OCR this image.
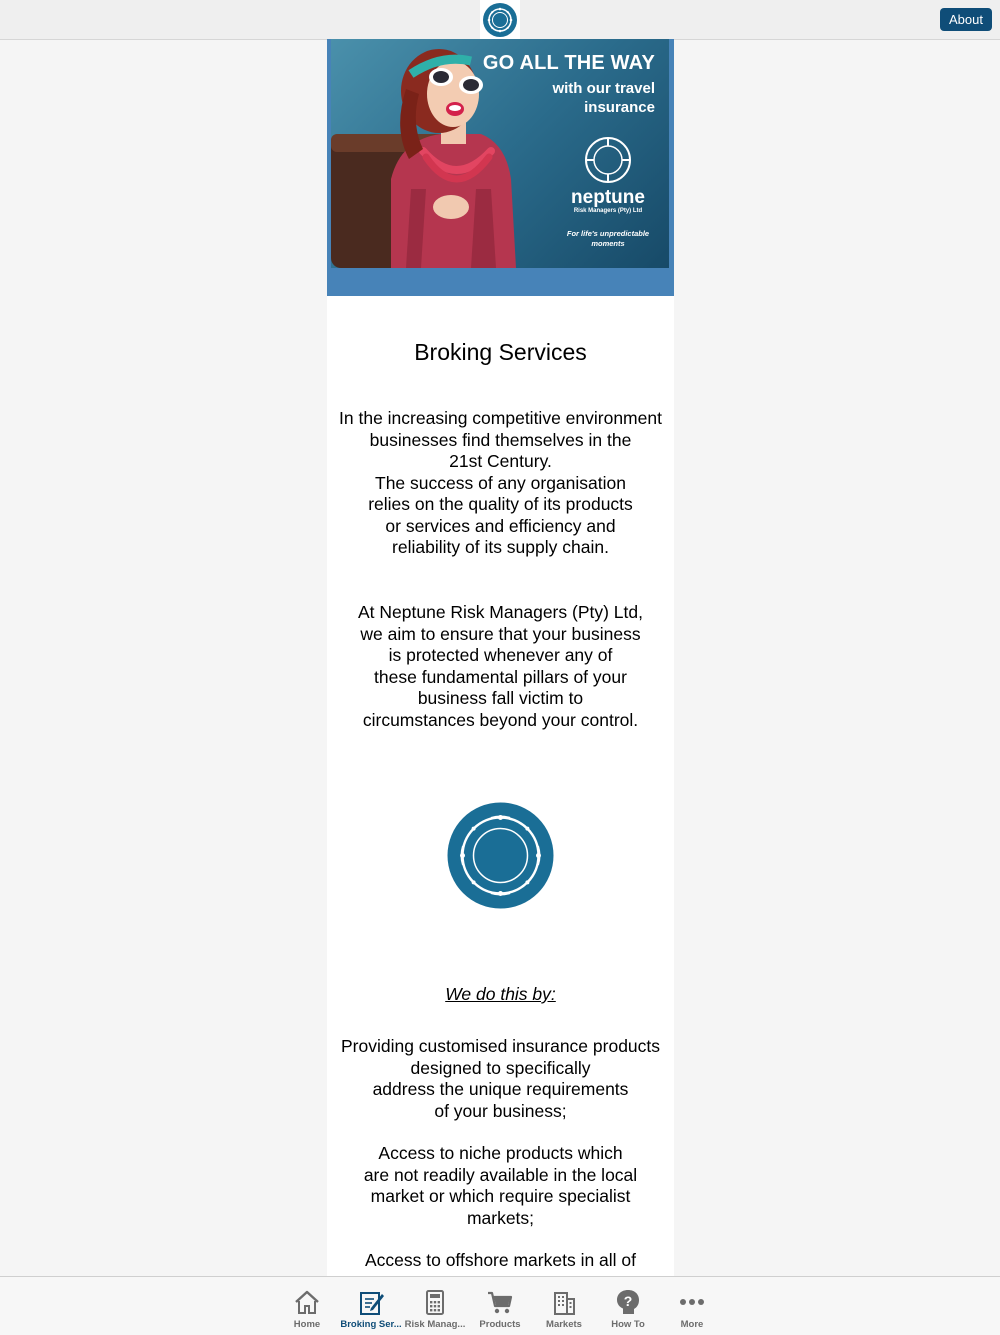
About
GO ALL THE WAY
with our travel insurance
neptune
Risk Managers (Pty) Ltd
For life's unpredictable moments
Broking Services
In the increasing competitive environment
businesses find themselves in the
21st Century.
The success of any organisation
relies on the quality of its products
or services and efficiency and
reliability of its supply chain.
At Neptune Risk Managers (Pty) Ltd,
we aim to ensure that your business
is protected whenever any of
these fundamental pillars of your
business fall victim to
circumstances beyond your control.
We do this by:
Providing customised insurance products
designed to specifically
address the unique requirements
of your business;
Access to niche products which
are not readily available in the local
market or which require specialist
markets;
Access to offshore markets in all of
Home	Broking Ser... Risk Manag...	Products	Markets
?
How To	More
